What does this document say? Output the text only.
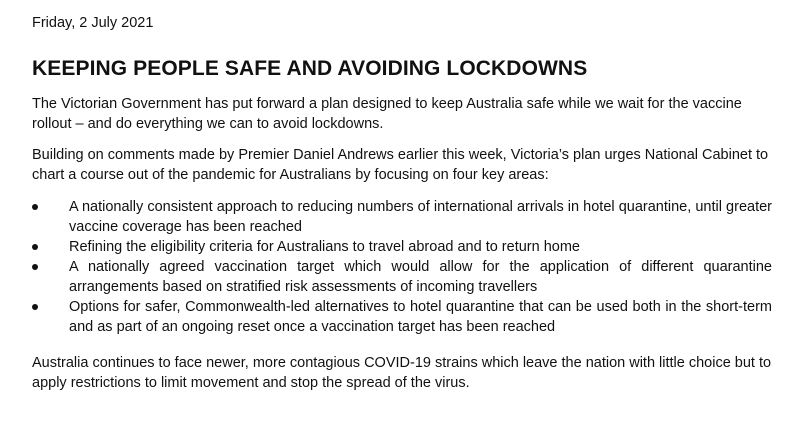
Friday, 2 July 2021
KEEPING PEOPLE SAFE AND AVOIDING LOCKDOWNS

The Victorian Government has put forward a plan designed to keep Australia safe while we wait for the vaccine rollout – and do everything we can to avoid lockdowns.

Building on comments made by Premier Daniel Andrews earlier this week, Victoria’s plan urges National Cabinet to chart a course out of the pandemic for Australians by focusing on four key areas:

A nationally consistent approach to reducing numbers of international arrivals in hotel quarantine, until greater vaccine coverage has been reached
Refining the eligibility criteria for Australians to travel abroad and to return home
A nationally agreed vaccination target which would allow for the application of different quarantine arrangements based on stratified risk assessments of incoming travellers
Options for safer, Commonwealth-led alternatives to hotel quarantine that can be used both in the short-term and as part of an ongoing reset once a vaccination target has been reached

Australia continues to face newer, more contagious COVID-19 strains which leave the nation with little choice but to apply restrictions to limit movement and stop the spread of the virus.
